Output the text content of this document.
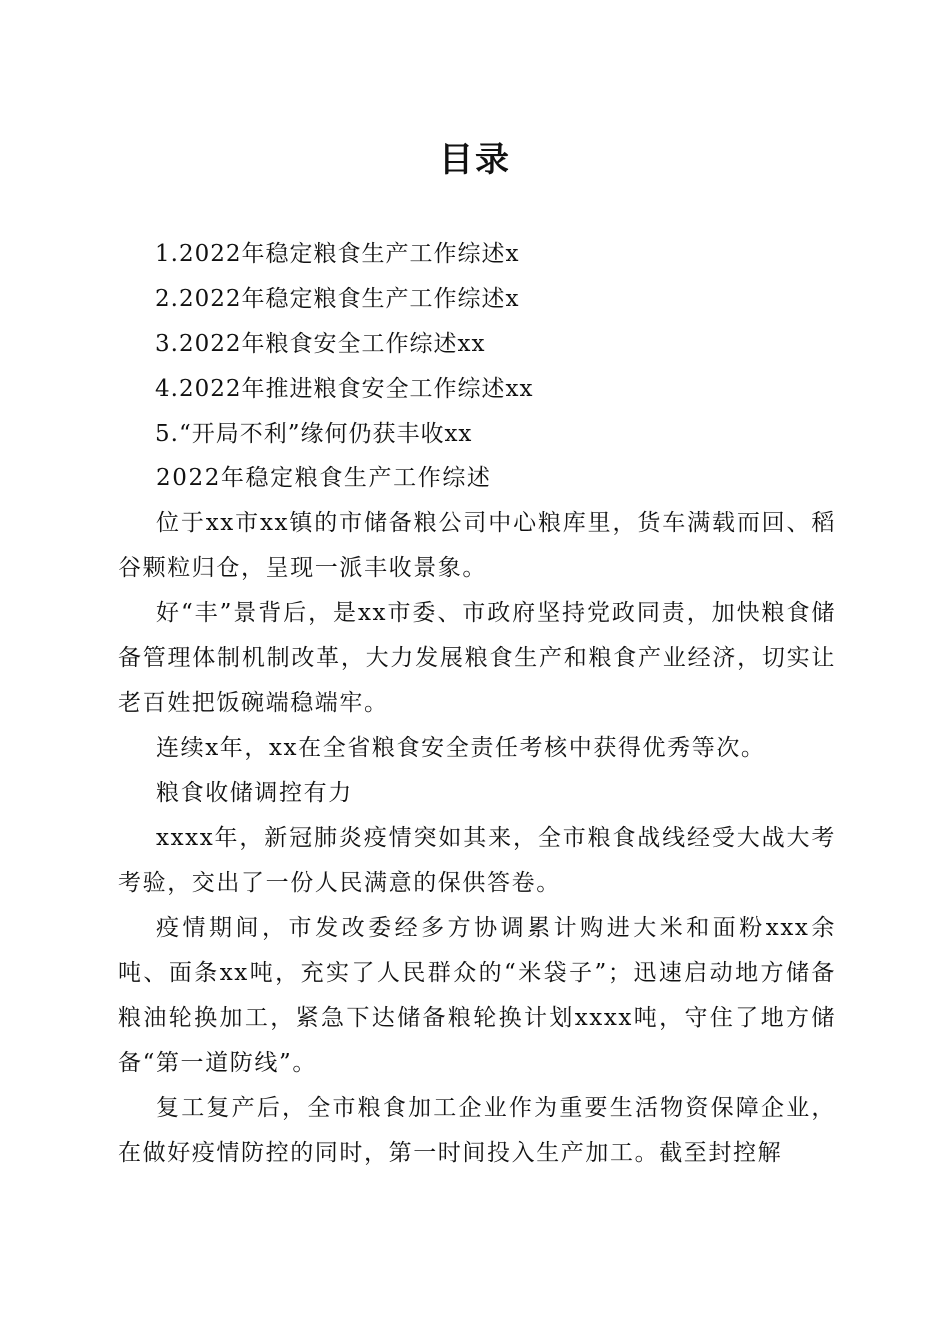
目录
1.2022年稳定粮食生产工作综述x
2.2022年稳定粮食生产工作综述x
3.2022年粮食安全工作综述xx
4.2022年推进粮食安全工作综述xx
5.“开局不利”缘何仍获丰收xx

2022年稳定粮食生产工作综述

位于xx市xx镇的市储备粮公司中心粮库里，货车满载而回、稻谷颗粒归仓，呈现一派丰收景象。

好“丰”景背后，是xx市委、市政府坚持党政同责，加快粮食储备管理体制机制改革，大力发展粮食生产和粮食产业经济，切实让老百姓把饭碗端稳端牢。

连续x年，xx在全省粮食安全责任考核中获得优秀等次。

粮食收储调控有力

xxxx年，新冠肺炎疫情突如其来，全市粮食战线经受大战大考考验，交出了一份人民满意的保供答卷。

疫情期间，市发改委经多方协调累计购进大米和面粉xxx余吨、面条xx吨，充实了人民群众的“米袋子”；迅速启动地方储备粮油轮换加工，紧急下达储备粮轮换计划xxxx吨，守住了地方储备“第一道防线”。

复工复产后，全市粮食加工企业作为重要生活物资保障企业，在做好疫情防控的同时，第一时间投入生产加工。截至封控解
